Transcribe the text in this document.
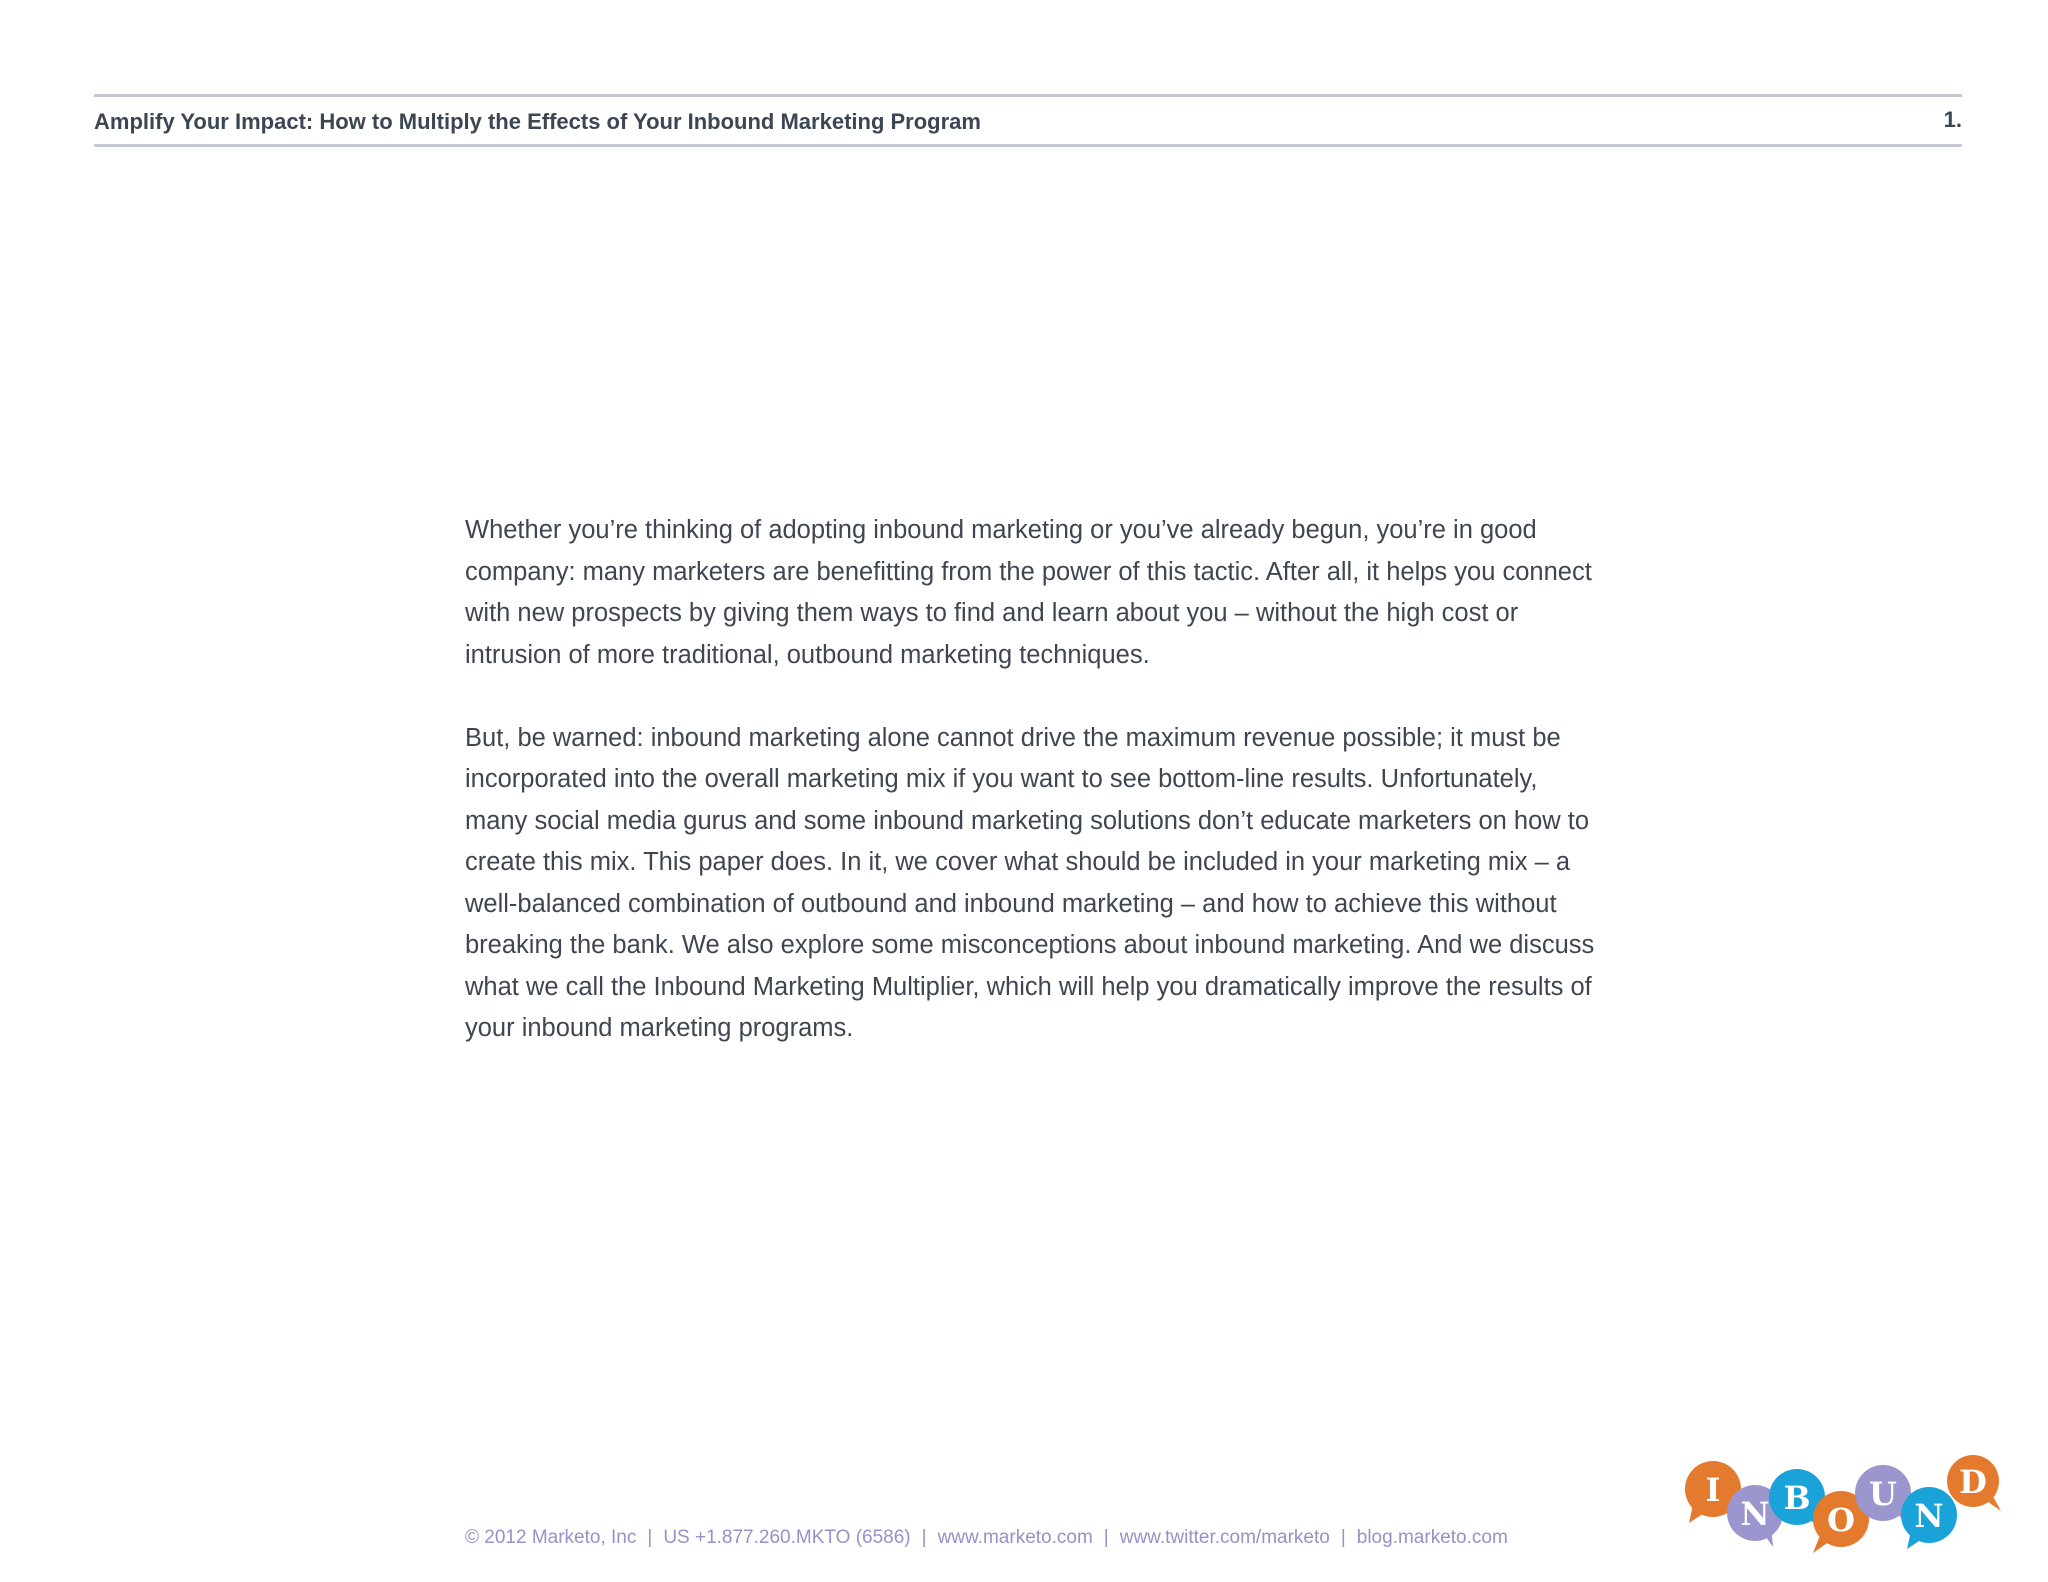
Amplify Your Impact: How to Multiply the Effects of Your Inbound Marketing Program	1.

Whether you’re thinking of adopting inbound marketing or you’ve already begun, you’re in good company: many marketers are benefitting from the power of this tactic. After all, it helps you connect with new prospects by giving them ways to find and learn about you – without the high cost or intrusion of more traditional, outbound marketing techniques.

But, be warned: inbound marketing alone cannot drive the maximum revenue possible; it must be incorporated into the overall marketing mix if you want to see bottom-line results. Unfortunately, many social media gurus and some inbound marketing solutions don’t educate marketers on how to create this mix. This paper does. In it, we cover what should be included in your marketing mix – a well-balanced combination of outbound and inbound marketing – and how to achieve this without breaking the bank. We also explore some misconceptions about inbound marketing. And we discuss what we call the Inbound Marketing Multiplier, which will help you dramatically improve the results of your inbound marketing programs.

© 2012 Marketo, Inc | US +1.877.260.MKTO (6586) | www.marketo.com | www.twitter.com/marketo | blog.marketo.com
I
N B
O
U
N
D
